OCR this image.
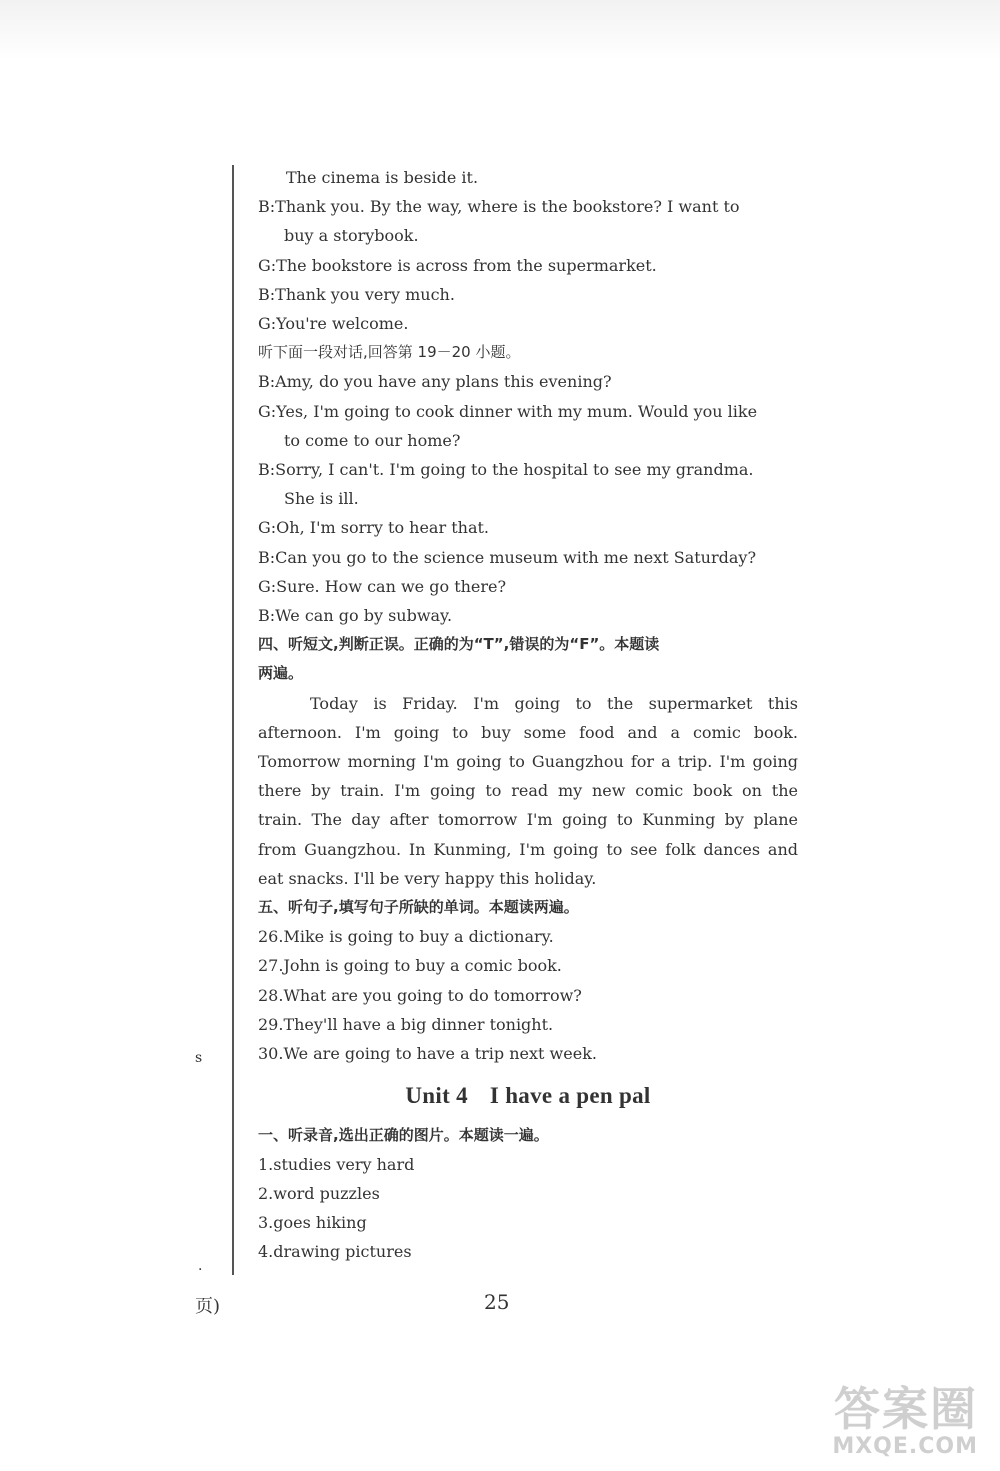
s
.
The cinema is beside it.
B:Thank you. By the way, where is the bookstore? I want to
buy a storybook.
G:The bookstore is across from the supermarket.
B:Thank you very much.
G:You're welcome.
听下面一段对话,回答第 19－20 小题。
B:Amy, do you have any plans this evening?
G:Yes, I'm going to cook dinner with my mum. Would you like
to come to our home?
B:Sorry, I can't. I'm going to the hospital to see my grandma.
She is ill.
G:Oh, I'm sorry to hear that.
B:Can you go to the science museum with me next Saturday?
G:Sure. How can we go there?
B:We can go by subway.
四、听短文,判断正误。正确的为“T”,错误的为“F”。本题读
两遍。
Today is Friday. I'm going to the supermarket this
afternoon. I'm going to buy some food and a comic book.
Tomorrow morning I'm going to Guangzhou for a trip. I'm going
there by train. I'm going to read my new comic book on the
train. The day after tomorrow I'm going to Kunming by plane
from Guangzhou. In Kunming, I'm going to see folk dances and
eat snacks. I'll be very happy this holiday.
五、听句子,填写句子所缺的单词。本题读两遍。
26.Mike is going to buy a dictionary.
27.John is going to buy a comic book.
28.What are you going to do tomorrow?
29.They'll have a big dinner tonight.
30.We are going to have a trip next week.
Unit 4 I have a pen pal
一、听录音,选出正确的图片。本题读一遍。
1.studies very hard
2.word puzzles
3.goes hiking
4.drawing pictures
页)	25
答案圈
MXQE.COM
